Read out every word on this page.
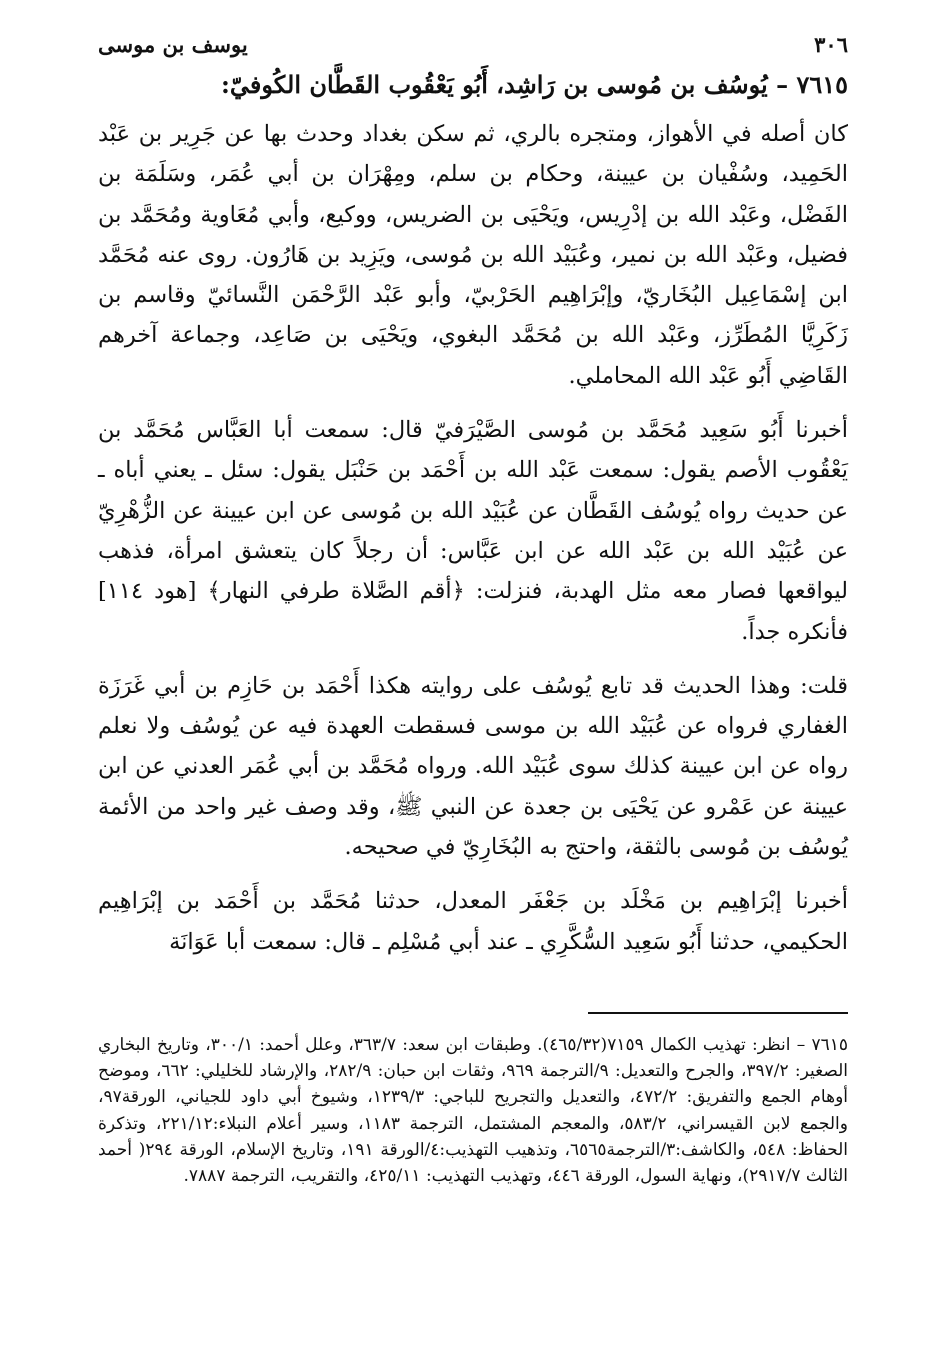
٣٠٦
يوسف بن موسى
٧٦١٥ – يُوسُف بن مُوسى بن رَاشِد، أَبُو يَعْقُوب القَطَّان الكُوفيّ:

كان أصله في الأهواز، ومتجره بالري، ثم سكن بغداد وحدث بها عن جَرِير بن عَبْد الحَمِيد، وسُفْيان بن عيينة، وحكام بن سلم، ومِهْرَان بن أبي عُمَر، وسَلَمَة بن الفَضْل، وعَبْد الله بن إدْرِيس، ويَحْيَى بن الضريس، ووكيع، وأبي مُعَاوية ومُحَمَّد بن فضيل، وعَبْد الله بن نمير، وعُبَيْد الله بن مُوسى، ويَزِيد بن هَارُون. روى عنه مُحَمَّد ابن إسْمَاعِيل البُخَاريّ، وإبْرَاهِيم الحَرْبيّ، وأبو عَبْد الرَّحْمَن النَّسائيّ وقاسم بن زَكَرِيَّا المُطَرِّز، وعَبْد الله بن مُحَمَّد البغوي، ويَحْيَى بن صَاعِد، وجماعة آخرهم القَاضِي أَبُو عَبْد الله المحاملي.

أخبرنا أَبُو سَعِيد مُحَمَّد بن مُوسى الصَّيْرَفيّ قال: سمعت أبا العَبَّاس مُحَمَّد بن يَعْقُوب الأصم يقول: سمعت عَبْد الله بن أَحْمَد بن حَنْبَل يقول: سئل ـ يعني أباه ـ عن حديث رواه يُوسُف القَطَّان عن عُبَيْد الله بن مُوسى عن ابن عيينة عن الزُّهْرِيّ عن عُبَيْد الله بن عَبْد الله عن ابن عَبَّاس: أن رجلاً كان يتعشق امرأة، فذهب ليواقعها فصار معه مثل الهدبة، فنزلت: ﴿أقم الصَّلاة طرفي النهار﴾ [هود ١١٤] فأنكره جداً.

قلت: وهذا الحديث قد تابع يُوسُف على روايته هكذا أَحْمَد بن حَازِم بن أبي غَرَزَة الغفاري فرواه عن عُبَيْد الله بن موسى فسقطت العهدة فيه عن يُوسُف ولا نعلم رواه عن ابن عيينة كذلك سوى عُبَيْد الله. ورواه مُحَمَّد بن أبي عُمَر العدني عن ابن عيينة عن عَمْرو عن يَحْيَى بن جعدة عن النبي ﷺ، وقد وصف غير واحد من الأئمة يُوسُف بن مُوسى بالثقة، واحتج به البُخَارِيّ في صحيحه.

أخبرنا إبْرَاهِيم بن مَخْلَد بن جَعْفَر المعدل، حدثنا مُحَمَّد بن أَحْمَد بن إبْرَاهِيم الحكيمي، حدثنا أَبُو سَعِيد السُّكَّرِي ـ عند أبي مُسْلِم ـ قال: سمعت أبا عَوَانَة

٧٦١٥ – انظر: تهذيب الكمال ٧١٥٩(٤٦٥/٣٢). وطبقات ابن سعد: ٣٦٣/٧، وعلل أحمد: ٣٠٠/١، وتاريخ البخاري الصغير: ٣٩٧/٢، والجرح والتعديل: ٩/الترجمة ٩٦٩، وثقات ابن حبان: ٢٨٢/٩، والإرشاد للخليلي: ٦٦٢، وموضح أوهام الجمع والتفريق: ٤٧٢/٢، والتعديل والتجريح للباجي: ١٢٣٩/٣، وشيوخ أبي داود للجياني، الورقة٩٧، والجمع لابن القيسراني، ٥٨٣/٢، والمعجم المشتمل، الترجمة ١١٨٣، وسير أعلام النبلاء:٢٢١/١٢، وتذكرة الحفاظ: ٥٤٨، والكاشف:٣/الترجمة٦٥٦٥، وتذهيب التهذيب:٤/الورقة ١٩١، وتاريخ الإسلام، الورقة ٢٩٤( أحمد الثالث ٢٩١٧/٧)، ونهاية السول، الورقة ٤٤٦، وتهذيب التهذيب: ٤٢٥/١١، والتقريب، الترجمة ٧٨٨٧.
